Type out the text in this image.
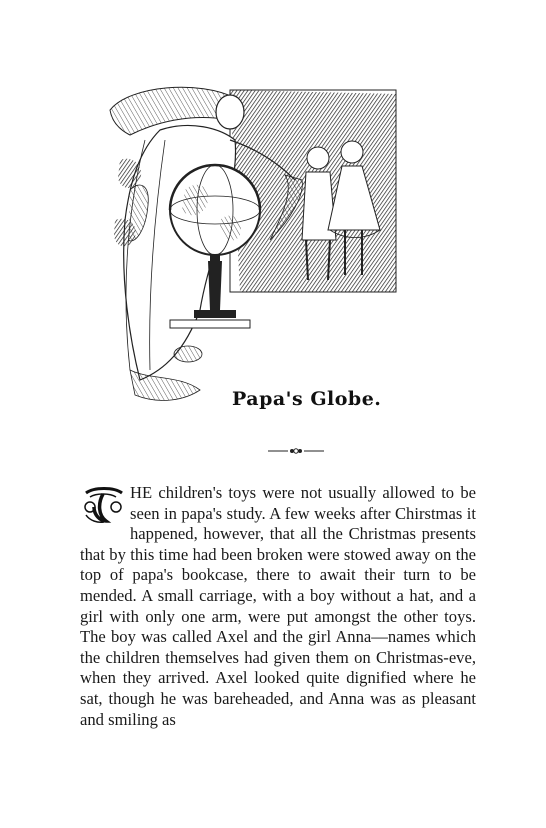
Papa's Globe.
HE children's toys were not usually allowed to be seen in papa's study. A few weeks after Chirstmas it happened, however, that all the Christmas presents that by this time had been broken were stowed away on the top of papa's bookcase, there to await their turn to be mended. A small carriage, with a boy without a hat, and a girl with only one arm, were put amongst the other toys. The boy was called Axel and the girl Anna—names which the children themselves had given them on Christmas-eve, when they arrived. Axel looked quite dignified where he sat, though he was bareheaded, and Anna was as pleasant and smiling as
